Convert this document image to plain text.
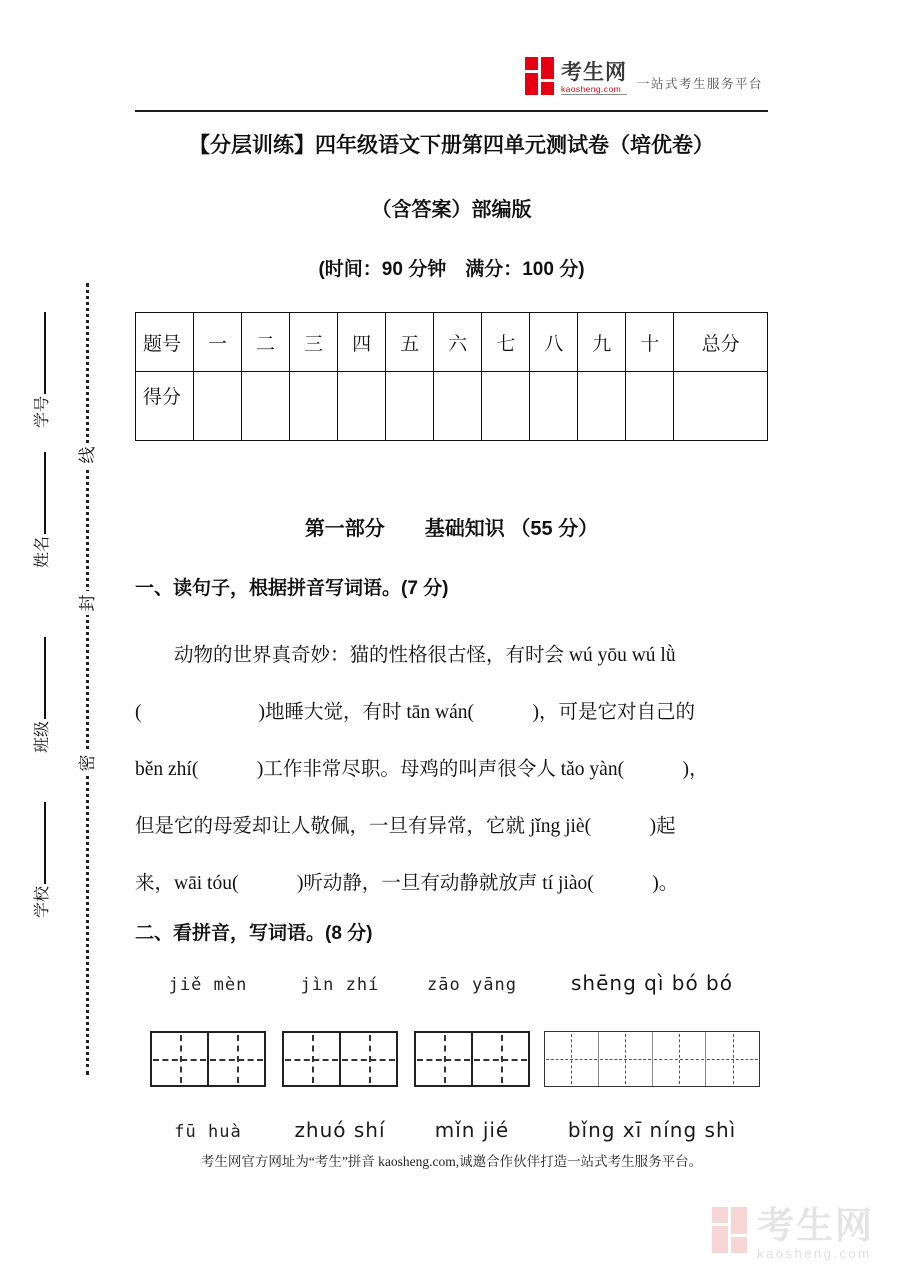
考生网
kaosheng.com	一站式考生服务平台
学号
姓名
班级
学校
线
封
密
【分层训练】四年级语文下册第四单元测试卷（培优卷）
（含答案）部编版
(时间：90 分钟　满分：100 分)
题号	一	二	三	四	五	六	七	八	九	十	总分
得分											
第一部分　　基础知识 （55 分）
一、读句子，根据拼音写词语。(7 分)
动物的世界真奇妙：猫的性格很古怪，有时会 wú yōu wú lǜ
(　　　　　　)地睡大觉，有时 tān wán(　　　)，可是它对自己的
běn zhí(　　　)工作非常尽职。母鸡的叫声很令人 tǎo yàn(　　　)，
但是它的母爱却让人敬佩，一旦有异常，它就 jǐng jiè(　　　)起
来，wāi tóu(　　　)听动静，一旦有动静就放声 tí jiào(　　　)。
二、看拼音，写词语。(8 分)
jiě mèn	jìn zhí	zāo yāng	shēng qì bó bó
fū huà	zhuó shí	mǐn jié	bǐng xī níng shì
考生网官方网址为“考生”拼音 kaosheng.com,诚邀合作伙伴打造一站式考生服务平台。
考生网
kaosheng.com
